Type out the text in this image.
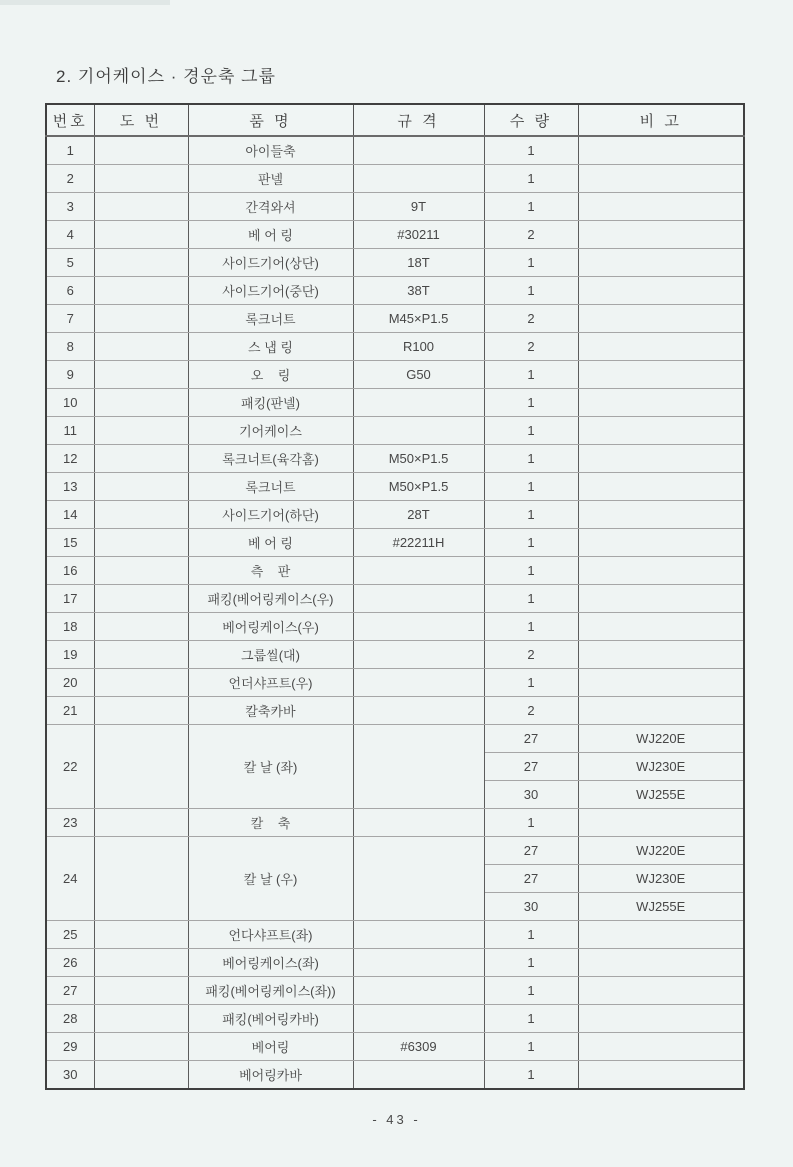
2. 기어케이스 · 경운축 그룹
번호	도 번	품 명	규 격	수 량	비 고
1		아이들축		1	
2		판넬		1	
3		간격와셔	9T	1	
4		베 어 링	#30211	2	
5		사이드기어(상단)	18T	1	
6		사이드기어(중단)	38T	1	
7		록크너트	M45×P1.5	2	
8		스 냅 링	R100	2	
9		오    링	G50	1	
10		패킹(판넬)		1	
11		기어케이스		1	
12		록크너트(육각홈)	M50×P1.5	1	
13		록크너트	M50×P1.5	1	
14		사이드기어(하단)	28T	1	
15		베 어 링	#22211H	1	
16		측    판		1	
17		패킹(베어링케이스(우)		1	
18		베어링케이스(우)		1	
19		그룹씰(대)		2	
20		언더샤프트(우)		1	
21		칼축카바		2	
22		칼 날 (좌)		27	WJ220E
				27	WJ230E
				30	WJ255E
23		칼    축		1	
24		칼 날 (우)		27	WJ220E
				27	WJ230E
				30	WJ255E
25		언다샤프트(좌)		1	
26		베어링케이스(좌)		1	
27		패킹(베어링케이스(좌))		1	
28		패킹(베어링카바)		1	
29		베어링	#6309	1	
30		베어링카바		1	
- 43 -
